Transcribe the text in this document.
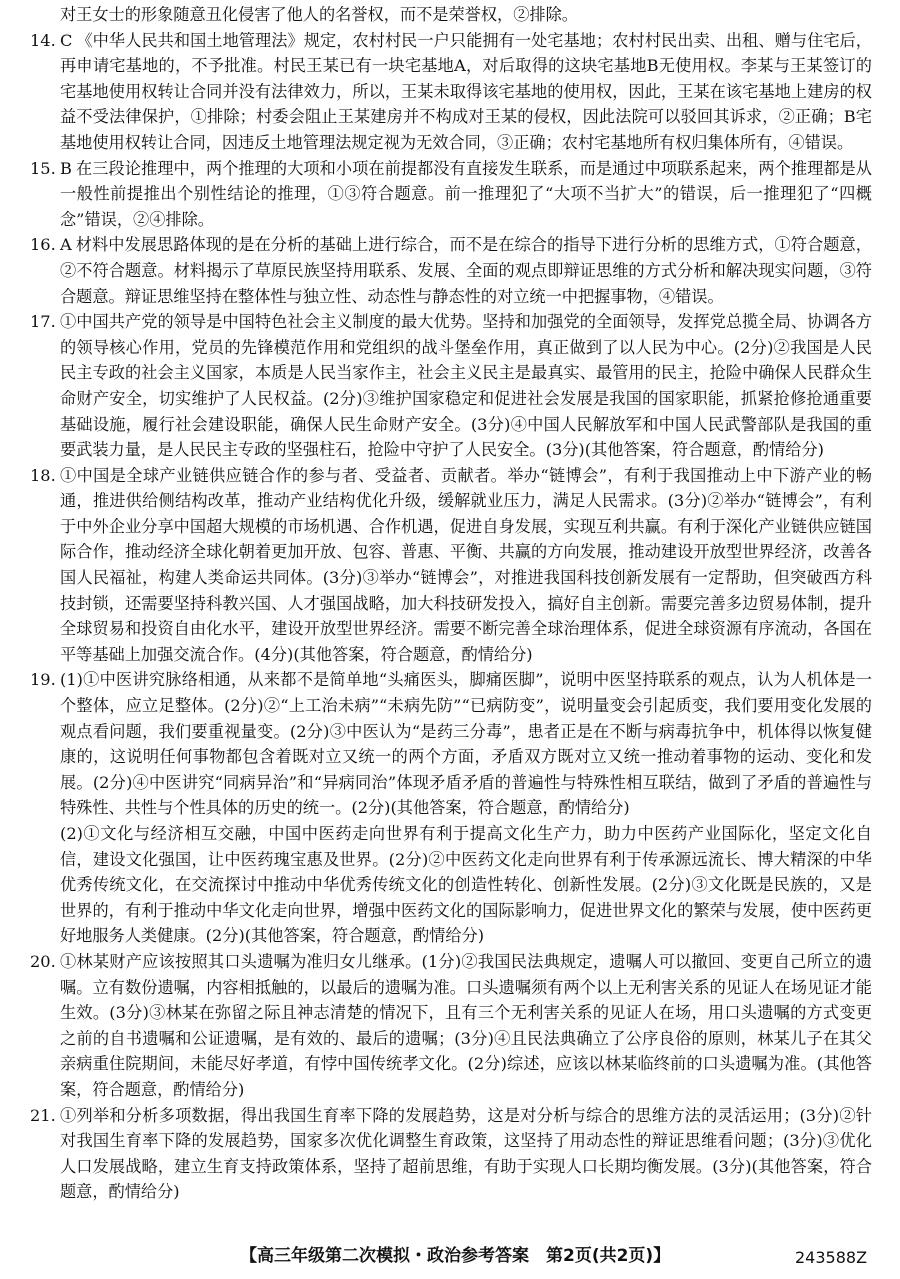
对王女士的形象随意丑化侵害了他人的名誉权，而不是荣誉权，②排除。

14. C 《中华人民共和国土地管理法》规定，农村村民一户只能拥有一处宅基地；农村村民出卖、出租、赠与住宅后，再申请宅基地的，不予批准。村民王某已有一块宅基地A，对后取得的这块宅基地B无使用权。李某与王某签订的宅基地使用权转让合同并没有法律效力，所以，王某未取得该宅基地的使用权，因此，王某在该宅基地上建房的权益不受法律保护，①排除；村委会阻止王某建房并不构成对王某的侵权，因此法院可以驳回其诉求，②正确；B宅基地使用权转让合同，因违反土地管理法规定视为无效合同，③正确；农村宅基地所有权归集体所有，④错误。
15. B 在三段论推理中，两个推理的大项和小项在前提都没有直接发生联系，而是通过中项联系起来，两个推理都是从一般性前提推出个别性结论的推理，①③符合题意。前一推理犯了“大项不当扩大”的错误，后一推理犯了“四概念”错误，②④排除。
16. A 材料中发展思路体现的是在分析的基础上进行综合，而不是在综合的指导下进行分析的思维方式，①符合题意，②不符合题意。材料揭示了草原民族坚持用联系、发展、全面的观点即辩证思维的方式分析和解决现实问题，③符合题意。辩证思维坚持在整体性与独立性、动态性与静态性的对立统一中把握事物，④错误。
17. ①中国共产党的领导是中国特色社会主义制度的最大优势。坚持和加强党的全面领导，发挥党总揽全局、协调各方的领导核心作用，党员的先锋模范作用和党组织的战斗堡垒作用，真正做到了以人民为中心。(2分)②我国是人民民主专政的社会主义国家，本质是人民当家作主，社会主义民主是最真实、最管用的民主，抢险中确保人民群众生命财产安全，切实维护了人民权益。(2分)③维护国家稳定和促进社会发展是我国的国家职能，抓紧抢修抢通重要基础设施，履行社会建设职能，确保人民生命财产安全。(3分)④中国人民解放军和中国人民武警部队是我国的重要武装力量，是人民民主专政的坚强柱石，抢险中守护了人民安全。(3分)(其他答案，符合题意，酌情给分)
18. ①中国是全球产业链供应链合作的参与者、受益者、贡献者。举办“链博会”，有利于我国推动上中下游产业的畅通，推进供给侧结构改革，推动产业结构优化升级，缓解就业压力，满足人民需求。(3分)②举办“链博会”，有利于中外企业分享中国超大规模的市场机遇、合作机遇，促进自身发展，实现互利共赢。有利于深化产业链供应链国际合作，推动经济全球化朝着更加开放、包容、普惠、平衡、共赢的方向发展，推动建设开放型世界经济，改善各国人民福祉，构建人类命运共同体。(3分)③举办“链博会”，对推进我国科技创新发展有一定帮助，但突破西方科技封锁，还需要坚持科教兴国、人才强国战略，加大科技研发投入，搞好自主创新。需要完善多边贸易体制，提升全球贸易和投资自由化水平，建设开放型世界经济。需要不断完善全球治理体系，促进全球资源有序流动，各国在平等基础上加强交流合作。(4分)(其他答案，符合题意，酌情给分)
19. (1)①中医讲究脉络相通，从来都不是简单地“头痛医头，脚痛医脚”，说明中医坚持联系的观点，认为人机体是一个整体，应立足整体。(2分)②“上工治未病”“未病先防”“已病防变”，说明量变会引起质变，我们要用变化发展的观点看问题，我们要重视量变。(2分)③中医认为“是药三分毒”，患者正是在不断与病毒抗争中，机体得以恢复健康的，这说明任何事物都包含着既对立又统一的两个方面，矛盾双方既对立又统一推动着事物的运动、变化和发展。(2分)④中医讲究“同病异治”和“异病同治”体现矛盾矛盾的普遍性与特殊性相互联结，做到了矛盾的普遍性与特殊性、共性与个性具体的历史的统一。(2分)(其他答案，符合题意，酌情给分)

(2)①文化与经济相互交融，中国中医药走向世界有利于提高文化生产力，助力中医药产业国际化，坚定文化自信，建设文化强国，让中医药瑰宝惠及世界。(2分)②中医药文化走向世界有利于传承源远流长、博大精深的中华优秀传统文化，在交流探讨中推动中华优秀传统文化的创造性转化、创新性发展。(2分)③文化既是民族的，又是世界的，有利于推动中华文化走向世界，增强中医药文化的国际影响力，促进世界文化的繁荣与发展，使中医药更好地服务人类健康。(2分)(其他答案，符合题意，酌情给分)

20. ①林某财产应该按照其口头遗嘱为准归女儿继承。(1分)②我国民法典规定，遗嘱人可以撤回、变更自己所立的遗嘱。立有数份遗嘱，内容相抵触的，以最后的遗嘱为准。口头遗嘱须有两个以上无利害关系的见证人在场见证才能生效。(3分)③林某在弥留之际且神志清楚的情况下，且有三个无利害关系的见证人在场，用口头遗嘱的方式变更之前的自书遗嘱和公证遗嘱，是有效的、最后的遗嘱；(3分)④且民法典确立了公序良俗的原则，林某儿子在其父亲病重住院期间，未能尽好孝道，有悖中国传统孝文化。(2分)综述，应该以林某临终前的口头遗嘱为准。(其他答案，符合题意，酌情给分)
21. ①列举和分析多项数据，得出我国生育率下降的发展趋势，这是对分析与综合的思维方法的灵活运用；(3分)②针对我国生育率下降的发展趋势，国家多次优化调整生育政策，这坚持了用动态性的辩证思维看问题；(3分)③优化人口发展战略，建立生育支持政策体系，坚持了超前思维，有助于实现人口长期均衡发展。(3分)(其他答案，符合题意，酌情给分)
【高三年级第二次模拟・政治参考答案　第2页(共2页)】	243588Z
